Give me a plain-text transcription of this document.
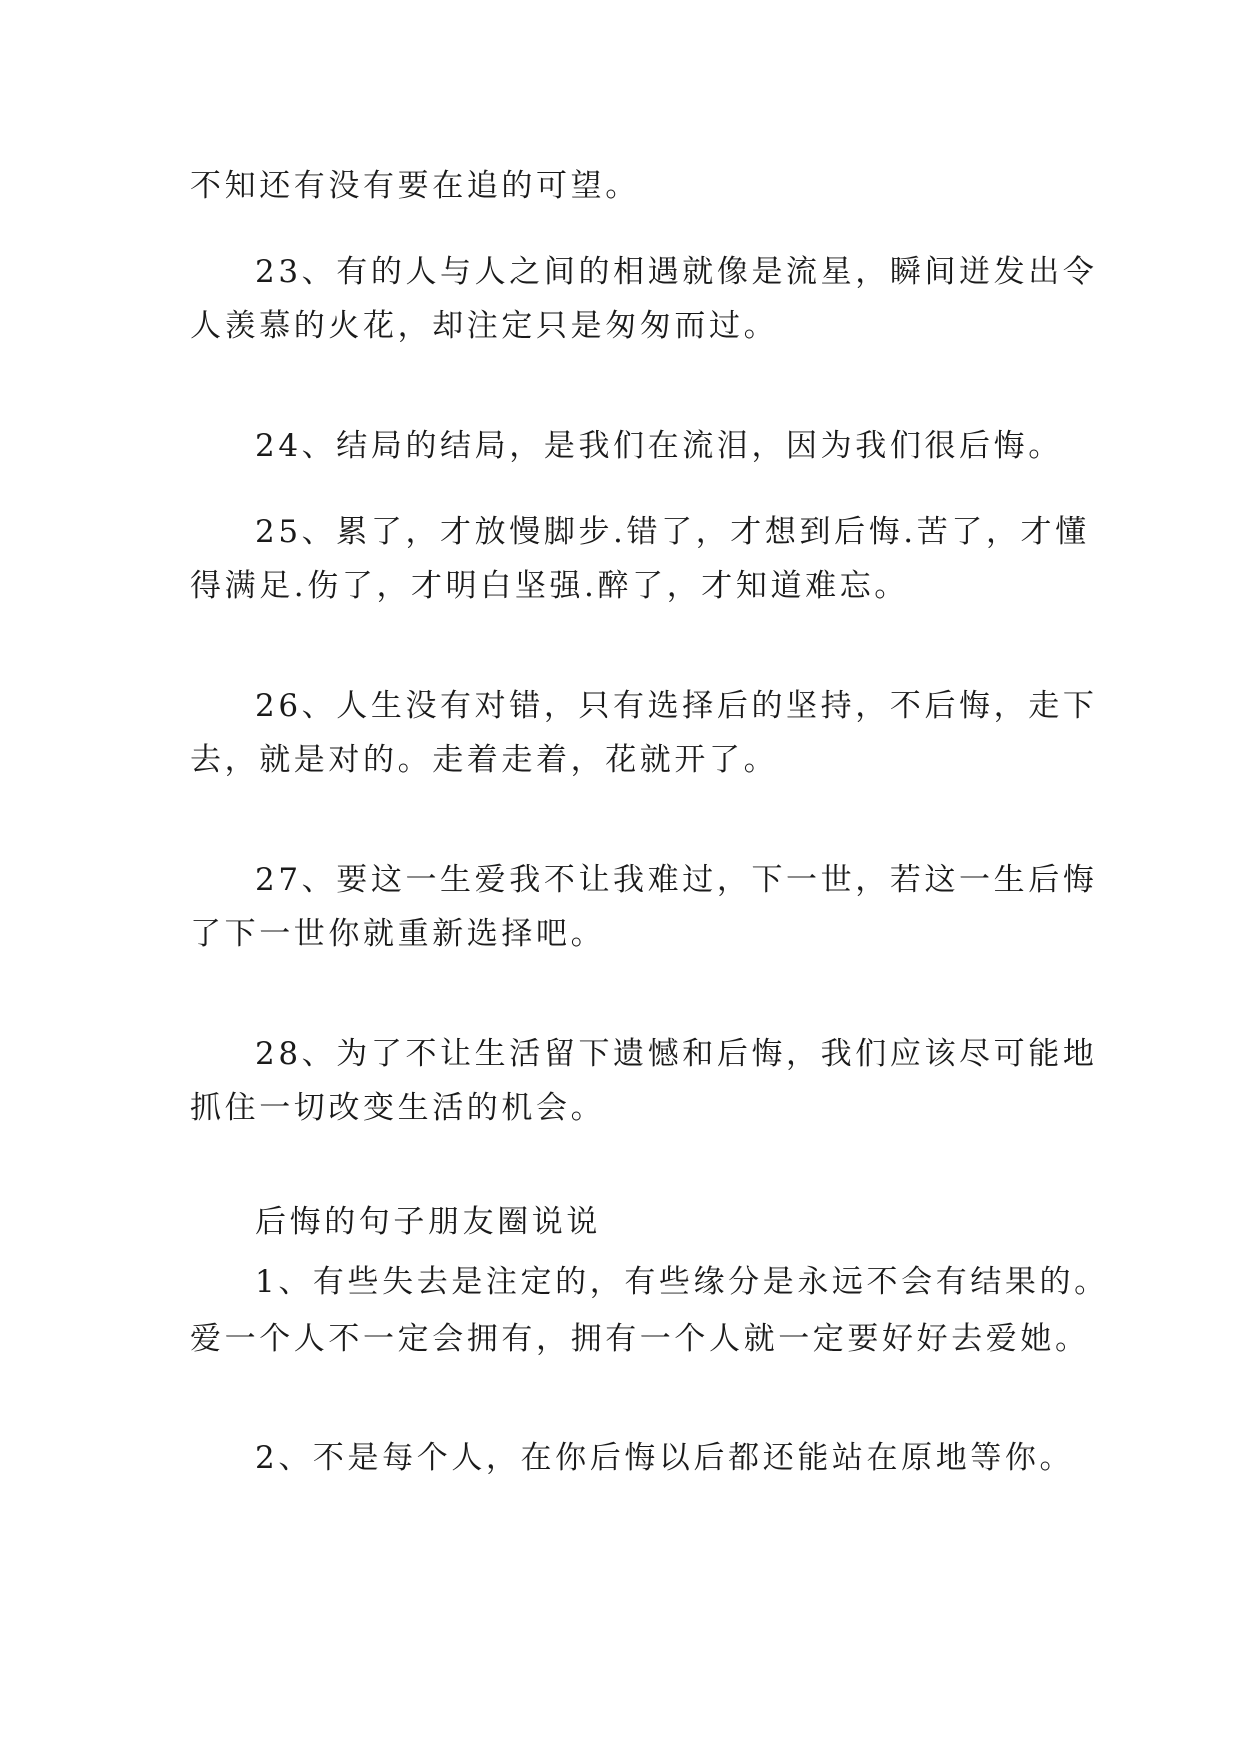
不知还有没有要在追的可望。
23、有的人与人之间的相遇就像是流星，瞬间迸发出令
人羡慕的火花，却注定只是匆匆而过。
24、结局的结局，是我们在流泪，因为我们很后悔。
25、累了，才放慢脚步.错了，才想到后悔.苦了，才懂
得满足.伤了，才明白坚强.醉了，才知道难忘。
26、人生没有对错，只有选择后的坚持，不后悔，走下
去，就是对的。走着走着，花就开了。
27、要这一生爱我不让我难过，下一世，若这一生后悔
了下一世你就重新选择吧。
28、为了不让生活留下遗憾和后悔，我们应该尽可能地
抓住一切改变生活的机会。
后悔的句子朋友圈说说
1、有些失去是注定的，有些缘分是永远不会有结果的。
爱一个人不一定会拥有，拥有一个人就一定要好好去爱她。
2、不是每个人，在你后悔以后都还能站在原地等你。
